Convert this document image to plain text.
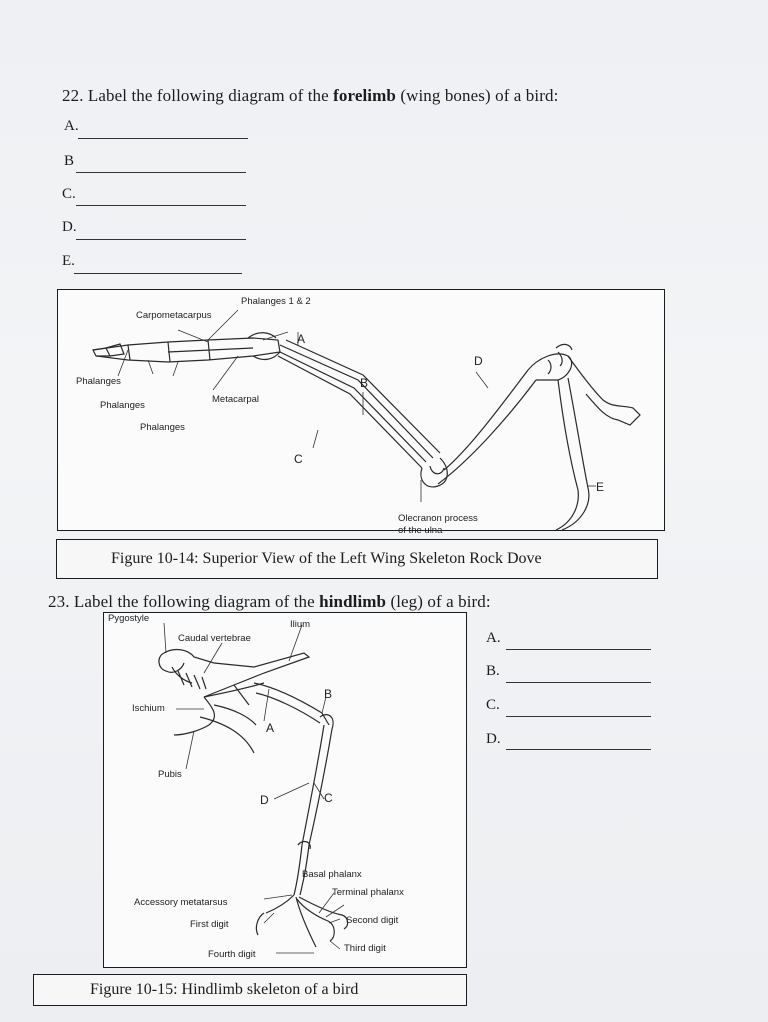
22. Label the following diagram of the forelimb (wing bones) of a bird:
A.
B
C.
D.
E.
Phalanges 1 & 2
Carpometacarpus
Phalanges
Phalanges
Metacarpal
Phalanges
Olecranon process
of the ulna
A
B
C
D
E
Figure 10-14: Superior View of the Left Wing Skeleton Rock Dove
23. Label the following diagram of the hindlimb (leg) of a bird:
Pygostyle
Ilium
Caudal vertebrae
Ischium
Pubis
Basal phalanx
Terminal phalanx
Accessory metatarsus
Second digit
First digit
Fourth digit
Third digit
A
B
C
D
A.
B.
C.
D.
Figure 10-15: Hindlimb skeleton of a bird
